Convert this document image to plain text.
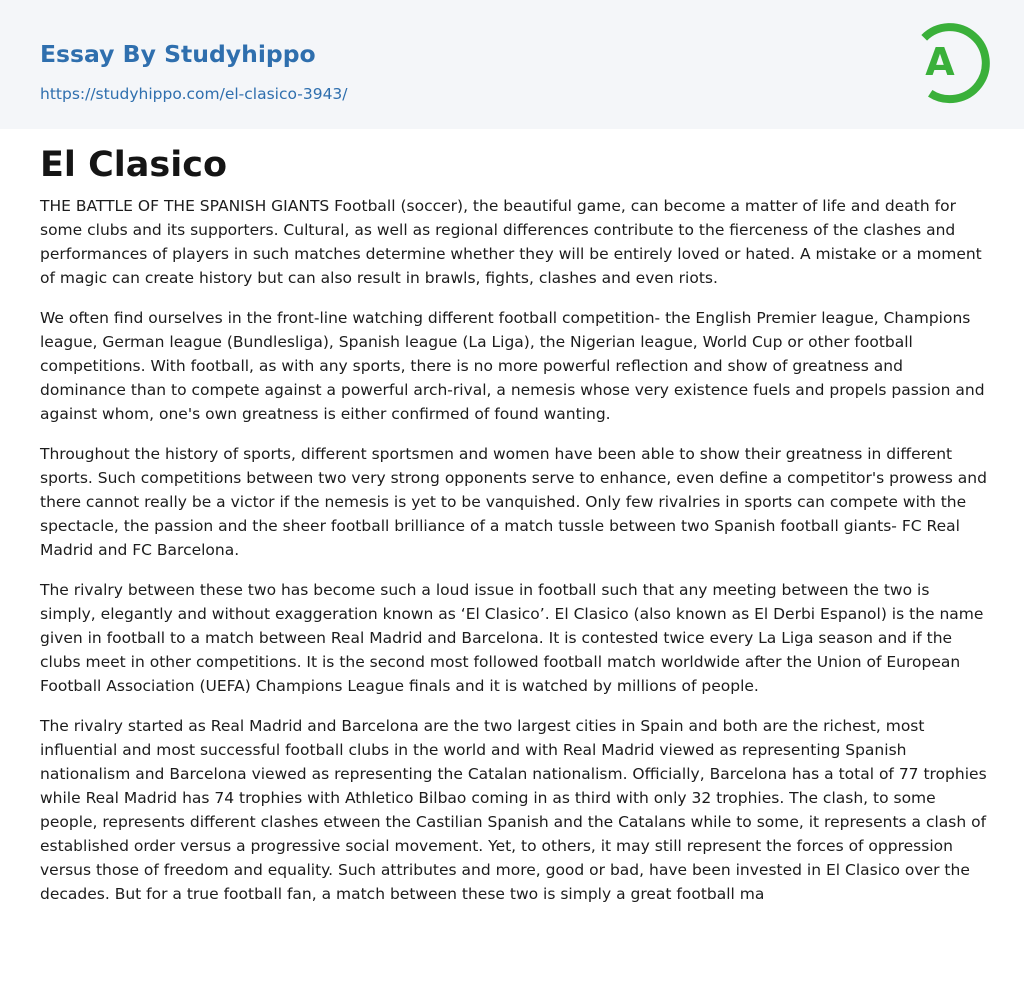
Essay By Studyhippo
https://studyhippo.com/el-clasico-3943/
A
El Clasico

THE BATTLE OF THE SPANISH GIANTS Football (soccer), the beautiful game, can become a matter of life and death for some clubs and its supporters. Cultural, as well as regional differences contribute to the fierceness of the clashes and performances of players in such matches determine whether they will be entirely loved or hated. A mistake or a moment of magic can create history but can also result in brawls, fights, clashes and even riots.

We often find ourselves in the front-line watching different football competition- the English Premier league, Champions league, German league (Bundlesliga), Spanish league (La Liga), the Nigerian league, World Cup or other football competitions. With football, as with any sports, there is no more powerful reflection and show of greatness and dominance than to compete against a powerful arch-rival, a nemesis whose very existence fuels and propels passion and against whom, one's own greatness is either confirmed of found wanting.

Throughout the history of sports, different sportsmen and women have been able to show their greatness in different sports. Such competitions between two very strong opponents serve to enhance, even define a competitor's prowess and there cannot really be a victor if the nemesis is yet to be vanquished. Only few rivalries in sports can compete with the spectacle, the passion and the sheer football brilliance of a match tussle between two Spanish football giants- FC Real Madrid and FC Barcelona.

The rivalry between these two has become such a loud issue in football such that any meeting between the two is simply, elegantly and without exaggeration known as ‘El Clasico’. El Clasico (also known as El Derbi Espanol) is the name given in football to a match between Real Madrid and Barcelona. It is contested twice every La Liga season and if the clubs meet in other competitions. It is the second most followed football match worldwide after the Union of European Football Association (UEFA) Champions League finals and it is watched by millions of people.

The rivalry started as Real Madrid and Barcelona are the two largest cities in Spain and both are the richest, most influential and most successful football clubs in the world and with Real Madrid viewed as representing Spanish nationalism and Barcelona viewed as representing the Catalan nationalism. Officially, Barcelona has a total of 77 trophies while Real Madrid has 74 trophies with Athletico Bilbao coming in as third with only 32 trophies. The clash, to some people, represents different clashes etween the Castilian Spanish and the Catalans while to some, it represents a clash of established order versus a progressive social movement. Yet, to others, it may still represent the forces of oppression versus those of freedom and equality. Such attributes and more, good or bad, have been invested in El Clasico over the decades. But for a true football fan, a match between these two is simply a great football ma
